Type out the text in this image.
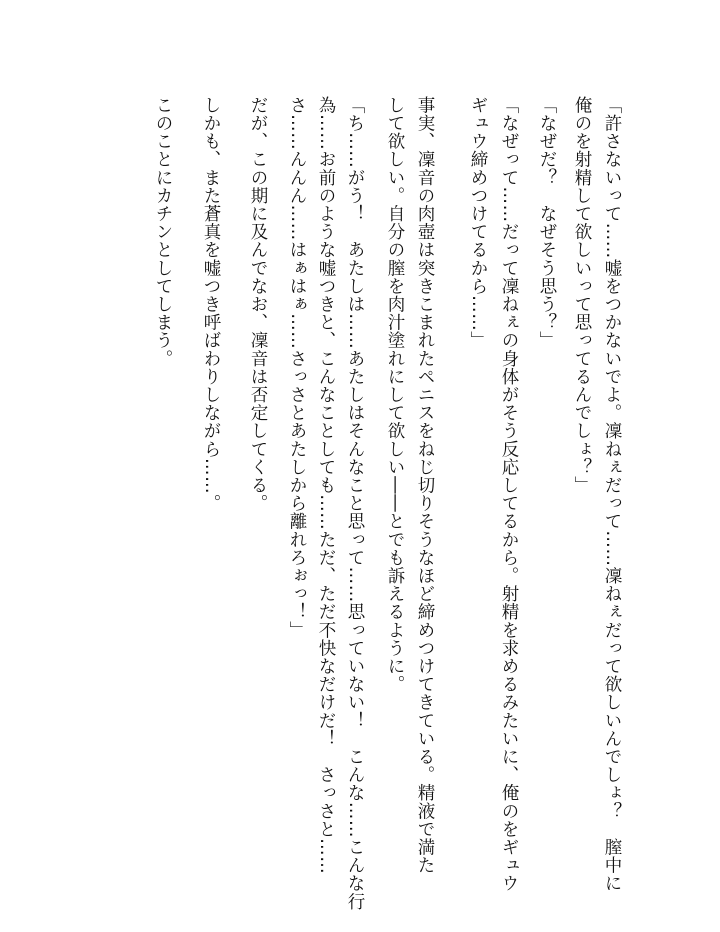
「許さないって……嘘をつかないでよ。凜ねぇだって……凜ねぇだって欲しいんでしょ？　膣中に
俺のを射精して欲しいって思ってるんでしょ？」
「なぜだ？　なぜそう思う？」
「なぜって……だって凜ねぇの身体がそう反応してるから。射精を求めるみたいに、俺のをギュウ
ギュウ締めつけてるから……」
事実、凜音の肉壺は突きこまれたペニスをねじ切りそうなほど締めつけてきている。精液で満た
して欲しい。自分の膣を肉汁塗れにして欲しい――とでも訴えるように。
「ち……がう！　あたしは……あたしはそんなこと思って……思っていない！　こんな……こんな行
為……お前のような嘘つきと、こんなことしても……ただ、ただ不快なだけだ！　さっさと……
さ……んんん……はぁはぁ……さっさとあたしから離れろぉっ！」
だが、この期に及んでなお、凜音は否定してくる。
しかも、また蒼真を嘘つき呼ばわりしながら……。
このことにカチンとしてしまう。
